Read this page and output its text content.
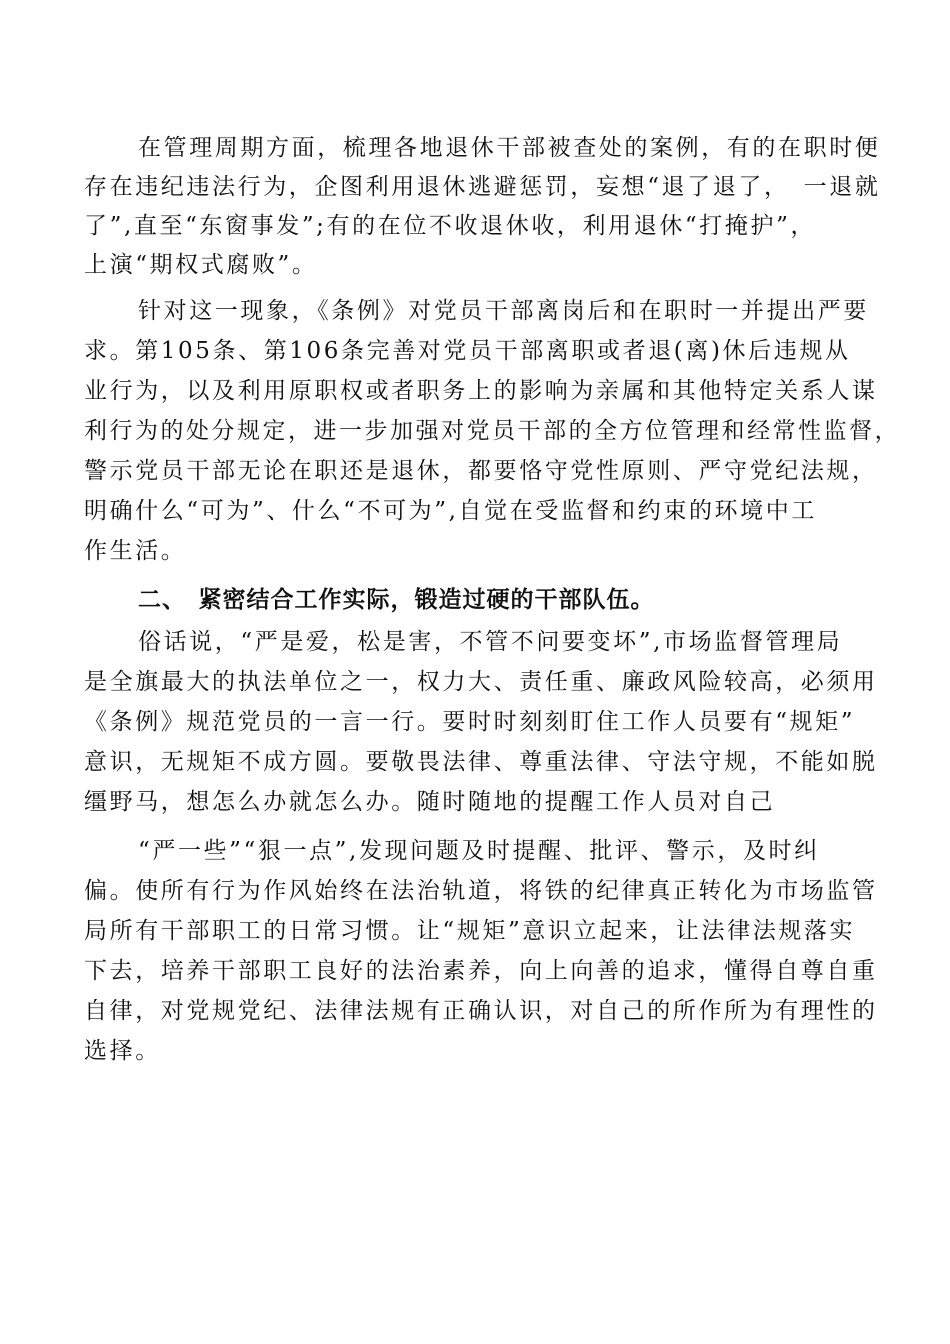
在管理周期方面，梳理各地退休干部被查处的案例，有的在职时便
存在违纪违法行为，企图利用退休逃避惩罚，妄想“退了退了，　一退就
了”,直至“东窗事发”;有的在位不收退休收，利用退休“打掩护”，
上演“期权式腐败”。
针对这一现象，《条例》对党员干部离岗后和在职时一并提出严要
求。第105条、第106条完善对党员干部离职或者退(离)休后违规从
业行为，以及利用原职权或者职务上的影响为亲属和其他特定关系人谋
利行为的处分规定，进一步加强对党员干部的全方位管理和经常性监督，
警示党员干部无论在职还是退休，都要恪守党性原则、严守党纪法规，
明确什么“可为”、什么“不可为”,自觉在受监督和约束的环境中工
作生活。
二、　紧密结合工作实际，锻造过硬的干部队伍。
俗话说，“严是爱，松是害，不管不问要变坏”,市场监督管理局
是全旗最大的执法单位之一，权力大、责任重、廉政风险较高，必须用
《条例》规范党员的一言一行。要时时刻刻盯住工作人员要有“规矩”
意识，无规矩不成方圆。要敬畏法律、尊重法律、守法守规，不能如脱
缰野马，想怎么办就怎么办。随时随地的提醒工作人员对自己
“严一些”“狠一点”,发现问题及时提醒、批评、警示，及时纠
偏。使所有行为作风始终在法治轨道，将铁的纪律真正转化为市场监管
局所有干部职工的日常习惯。让“规矩”意识立起来，让法律法规落实
下去，培养干部职工良好的法治素养，向上向善的追求，懂得自尊自重
自律，对党规党纪、法律法规有正确认识，对自己的所作所为有理性的
选择。
